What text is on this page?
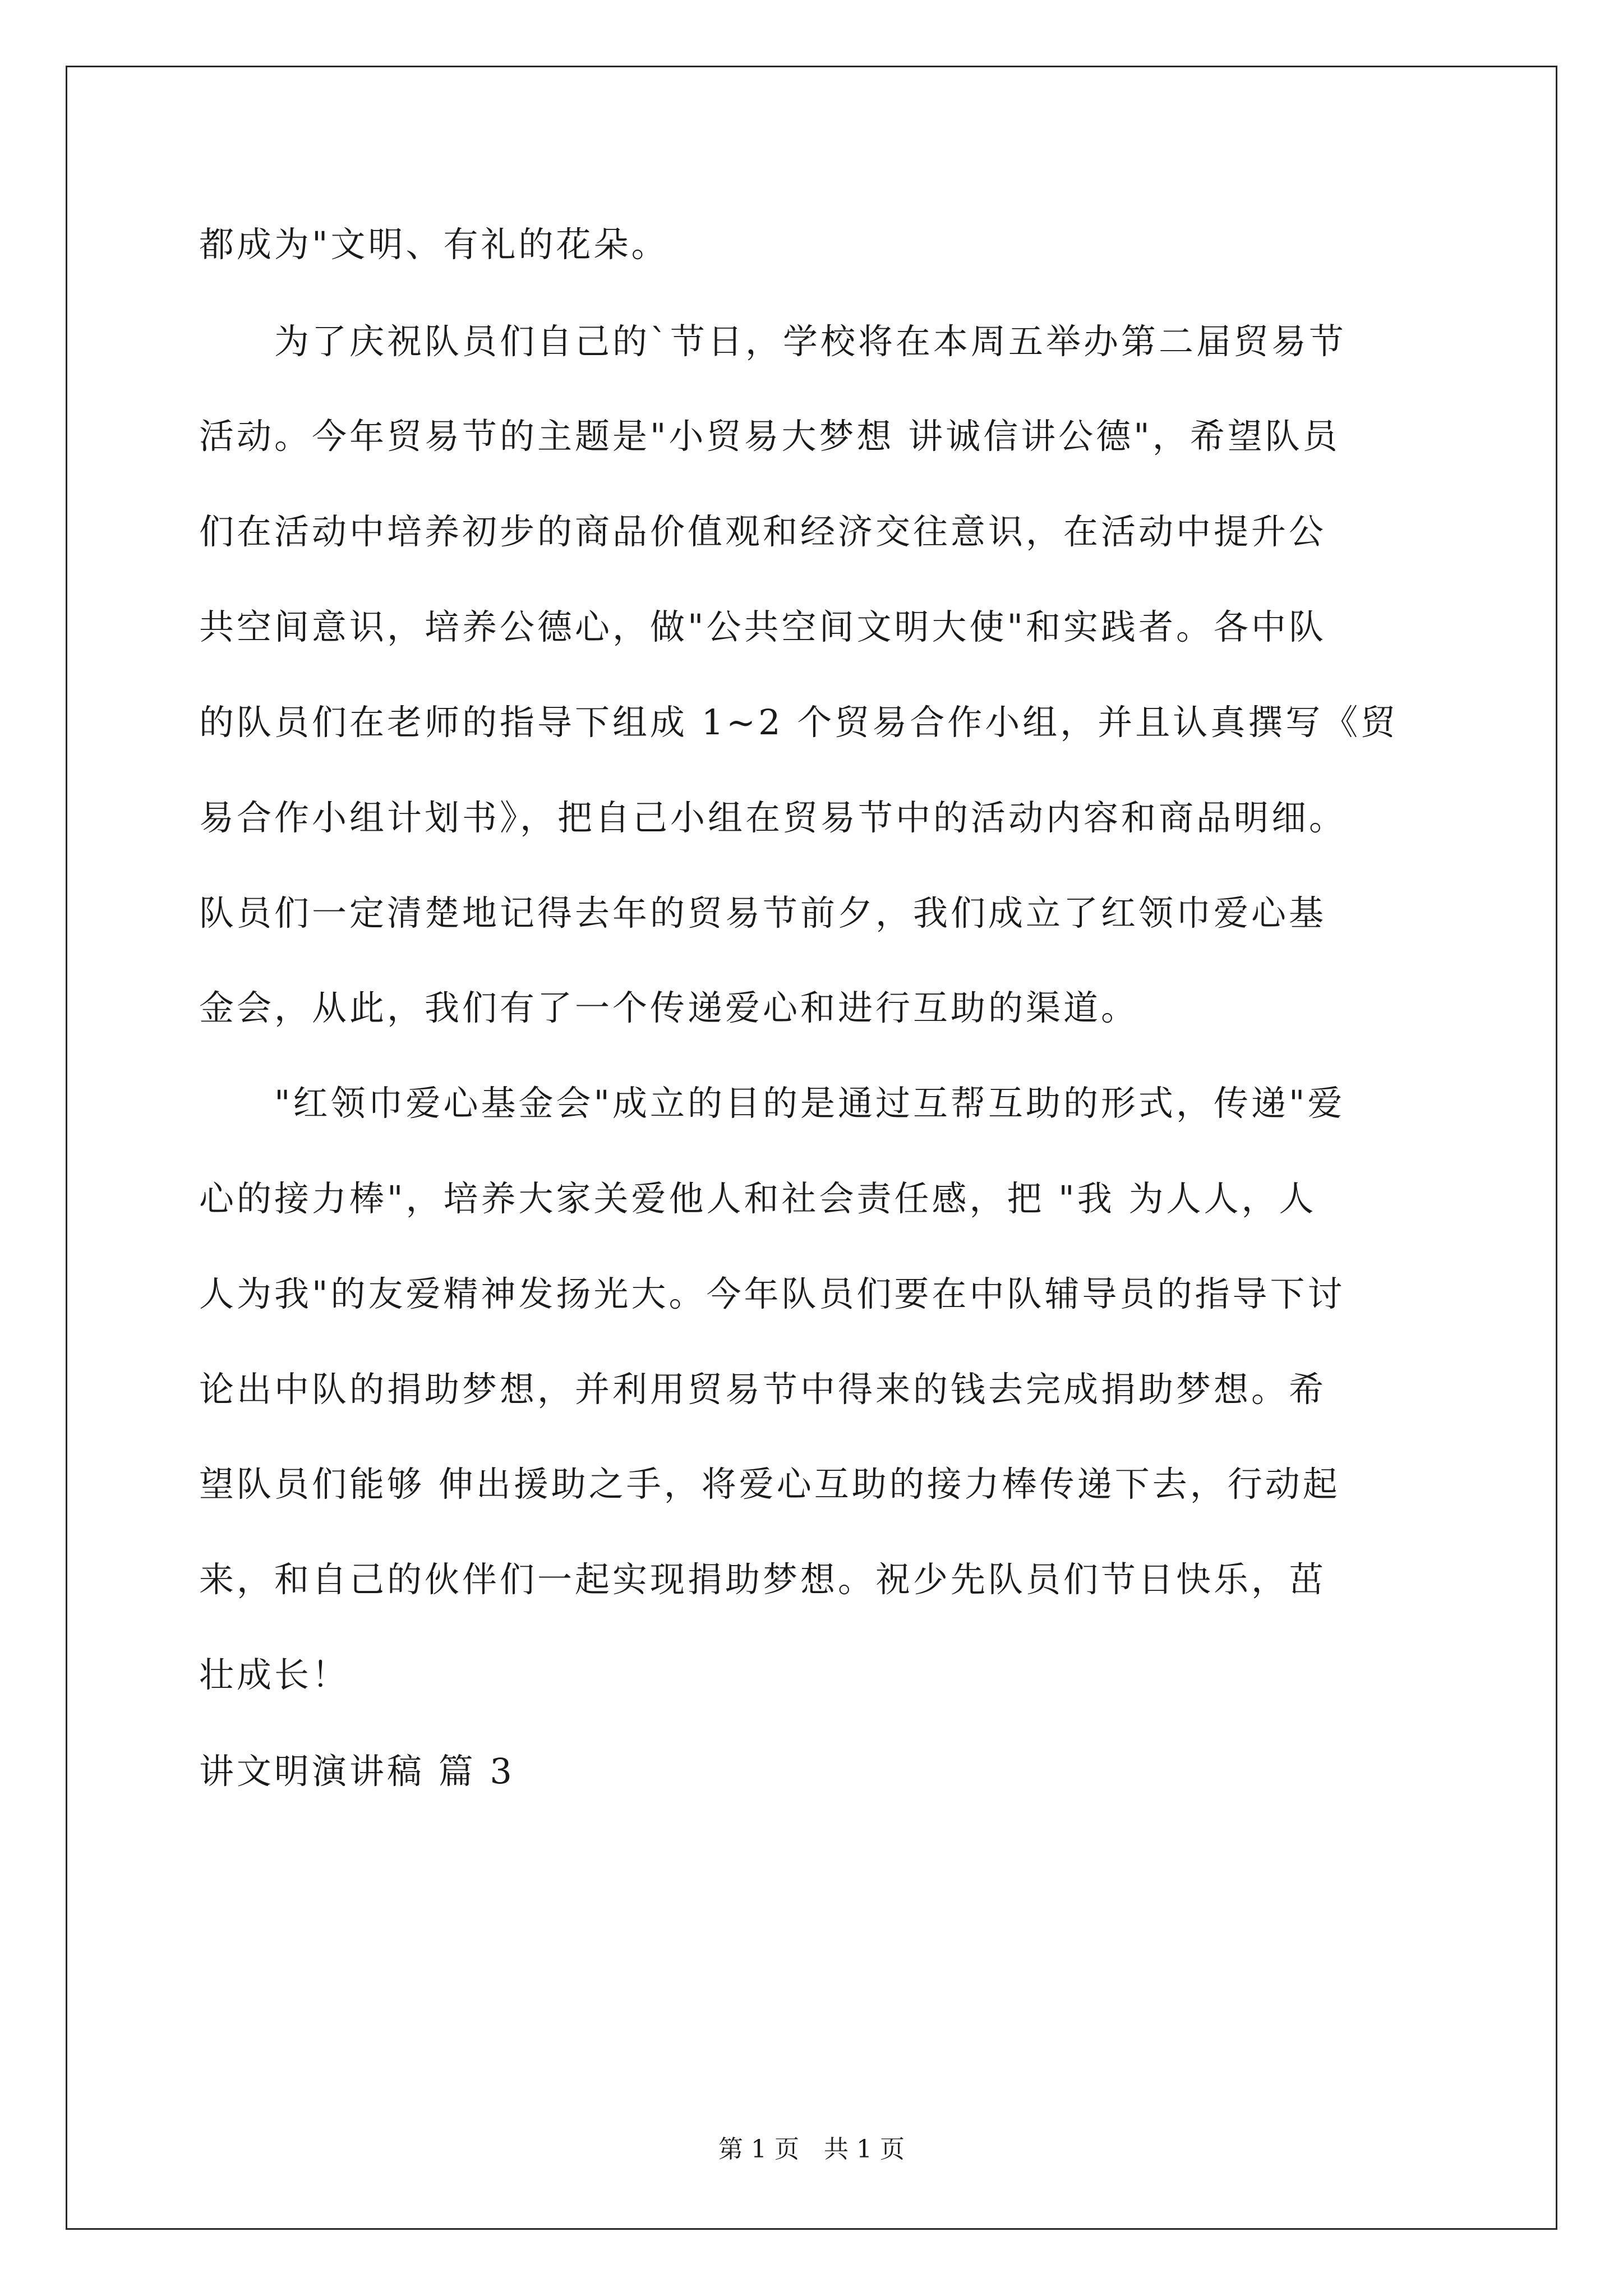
都成为"文明、有礼的花朵。
　　为了庆祝队员们自己的`节日，学校将在本周五举办第二届贸易节
活动。今年贸易节的主题是"小贸易大梦想 讲诚信讲公德"，希望队员
们在活动中培养初步的商品价值观和经济交往意识，在活动中提升公
共空间意识，培养公德心，做"公共空间文明大使"和实践者。各中队
的队员们在老师的指导下组成 1~2 个贸易合作小组，并且认真撰写《贸
易合作小组计划书》，把自己小组在贸易节中的活动内容和商品明细。
队员们一定清楚地记得去年的贸易节前夕，我们成立了红领巾爱心基
金会，从此，我们有了一个传递爱心和进行互助的渠道。
　　"红领巾爱心基金会"成立的目的是通过互帮互助的形式，传递"爱
心的接力棒"，培养大家关爱他人和社会责任感，把 "我 为人人，人
人为我"的友爱精神发扬光大。今年队员们要在中队辅导员的指导下讨
论出中队的捐助梦想，并利用贸易节中得来的钱去完成捐助梦想。希
望队员们能够 伸出援助之手，将爱心互助的接力棒传递下去，行动起
来，和自己的伙伴们一起实现捐助梦想。祝少先队员们节日快乐，茁
壮成长！
讲文明演讲稿 篇 3
第 1 页　共 1 页
